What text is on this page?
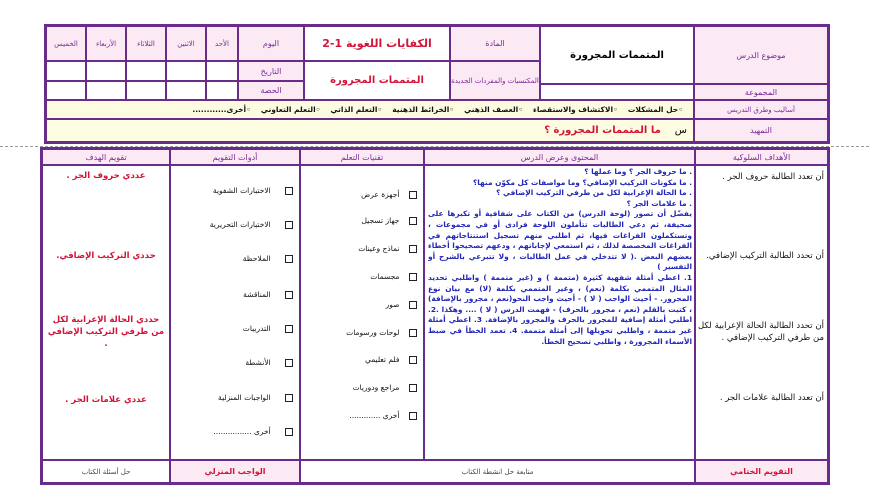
موضوع الدرس
المتممات المجرورة
المادة
الكفايات اللغوية 1-2
اليوم
الأحد
الاثنين
الثلاثاء
الأربعاء
الخميس
المكتسبات والمفردات الجديدة
المتممات المجرورة
التاريخ
الحصة	المجموعة
أساليب وطرق التدريس
◦حل المشكلات
◦الاكتشاف والاستقصاء
◦العصف الذهني
◦الخرائط الذهنية
◦التعلم الذاتي
◦التعلم التعاوني
◦أخرى............
التمهيد
س
ما المتممات المجرورة ؟
الأهداف السلوكية
المحتوى وعرض الدرس
تقنيات التعلم
أدوات التقويم
تقويم الهدف
أن تعدد الطالبة حروف الجر .
أن تحدد الطالبة التركيب الإضافي.
أن تحدد الطالبة الحالة الإعرابية لكل من طرفي التركيب الإضافي .
أن تعدد الطالبة علامات الجر .
. ما حروف الجر ؟ وما عملها ؟
. ما مكونات التركيب الإضافي؟ وما مواصفات كل مكوّن منها؟
. ما الحالة الإعرابية لكل من طرفي التركيب الإضافي ؟
. ما علامات الجر ؟
يفضّل أن تصور (لوحة الدرس) من الكتاب على شفافية أو تكبرها على صحيفة، ثم دعي الطالبات تتأملون اللوحة فرادى أو في مجموعات ، وتستكملون الفراغات فيها، ثم اطلبي منهم تسجيل استنتاجاتهم في الفراغات المخصصة لذلك ، ثم استمعي لإجاباتهم ، ودعهم تصحيحوا أخطاء بعضهم البعض .( لا تتدخلي في عمل الطالبات ، ولا تتبرعي بالشرح أو التفسير )
1. اعطي أمثلة شفهية كثيرة (متممة ) و (غير متممة ) واطلبي تحديد المثال المتممي بكلمة (نعم) ، وغير المتممي بكلمة (لا) مع بيان نوع المجرور. - أحيث الواجب ( لا ) - أحيث واجب النحو(نعم ، مجرور بالإضافة) ، كتبت بالقلم (نعم ، مجرور بالحرف) - فهمت الدرس ( لا ) .... وهكذا .2. اطلبي أمثلة إضافية للمجرور بالحرف والمجرور بالإضافة. 3. اعطي أمثلة غير متممة ، واطلبي تحويلها إلى أمثلة متممة. 4. تعمد الخطأ في ضبط الأسماء المجرورة ، واطلبي تصحيح الخطأ.
أجهزة عرض
جهاز تسجيل
نماذج وعينات
مجسمات
صور
لوحات ورسومات
فلم تعليمي
مراجع ودوريات
أخرى .............
الاختبارات الشفوية
الاختبارات التحريرية
الملاحظة
المناقشة
التدريبات
الأنشطة
الواجبات المنزلية
أخرى ................
عددي حروف الجر .
حددي التركيب الإضافي.
حددي الحالة الإعرابية لكل من طرفي التركيب الإضافي .
عددي علامات الجر .
التقويم الختامي
متابعة حل انشطة الكتاب
الواجب المنزلي
حل أسئلة الكتاب
